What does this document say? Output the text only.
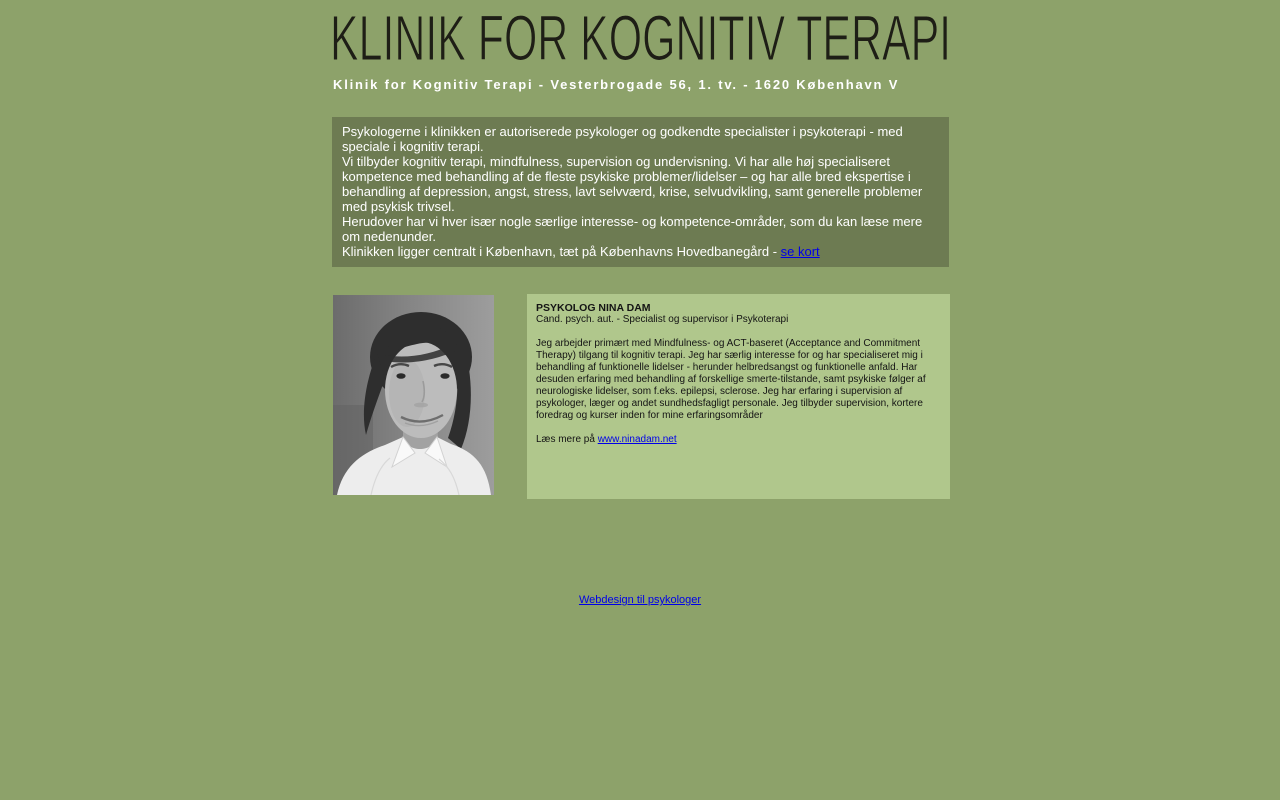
KLINIK FOR KOGNITIV TERAPI
Klinik for Kognitiv Terapi - Vesterbrogade 56, 1. tv. - 1620 København V
Psykologerne i klinikken er autoriserede psykologer og godkendte specialister i psykoterapi - med speciale i kognitiv terapi.
Vi tilbyder kognitiv terapi, mindfulness, supervision og undervisning. Vi har alle høj specialiseret kompetence med behandling af de fleste psykiske problemer/lidelser – og har alle bred ekspertise i behandling af depression, angst, stress, lavt selvværd, krise, selvudvikling, samt generelle problemer med psykisk trivsel.
Herudover har vi hver især nogle særlige interesse- og kompetence-områder, som du kan læse mere om nedenunder.
Klinikken ligger centralt i København, tæt på Københavns Hovedbanegård - se kort
PSYKOLOG NINA DAM
Cand. psych. aut. - Specialist og supervisor i Psykoterapi
Jeg arbejder primært med Mindfulness- og ACT-baseret (Acceptance and Commitment Therapy) tilgang til kognitiv terapi. Jeg har særlig interesse for og har specialiseret mig i behandling af funktionelle lidelser - herunder helbredsangst og funktionelle anfald. Har desuden erfaring med behandling af forskellige smerte-tilstande, samt psykiske følger af neurologiske lidelser, som f.eks. epilepsi, sclerose. Jeg har erfaring i supervision af psykologer, læger og andet sundhedsfagligt personale. Jeg tilbyder supervision, kortere foredrag og kurser inden for mine erfaringsområder
Læs mere på www.ninadam.net
Webdesign til psykologer
